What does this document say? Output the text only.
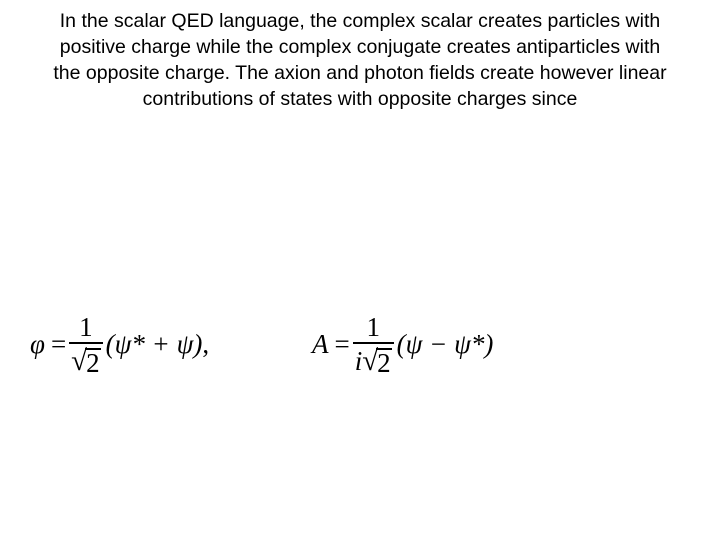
In the scalar QED language, the complex scalar creates particles with
positive charge while the complex conjugate creates antiparticles with
the opposite charge. The axion and photon fields create however linear
contributions of states with opposite charges since
$\varphi = \frac{1}{√ 2} (\psi* + \psi)$ ,	$A = \frac{1}{i √ 2} (\psi - \psi*)$
